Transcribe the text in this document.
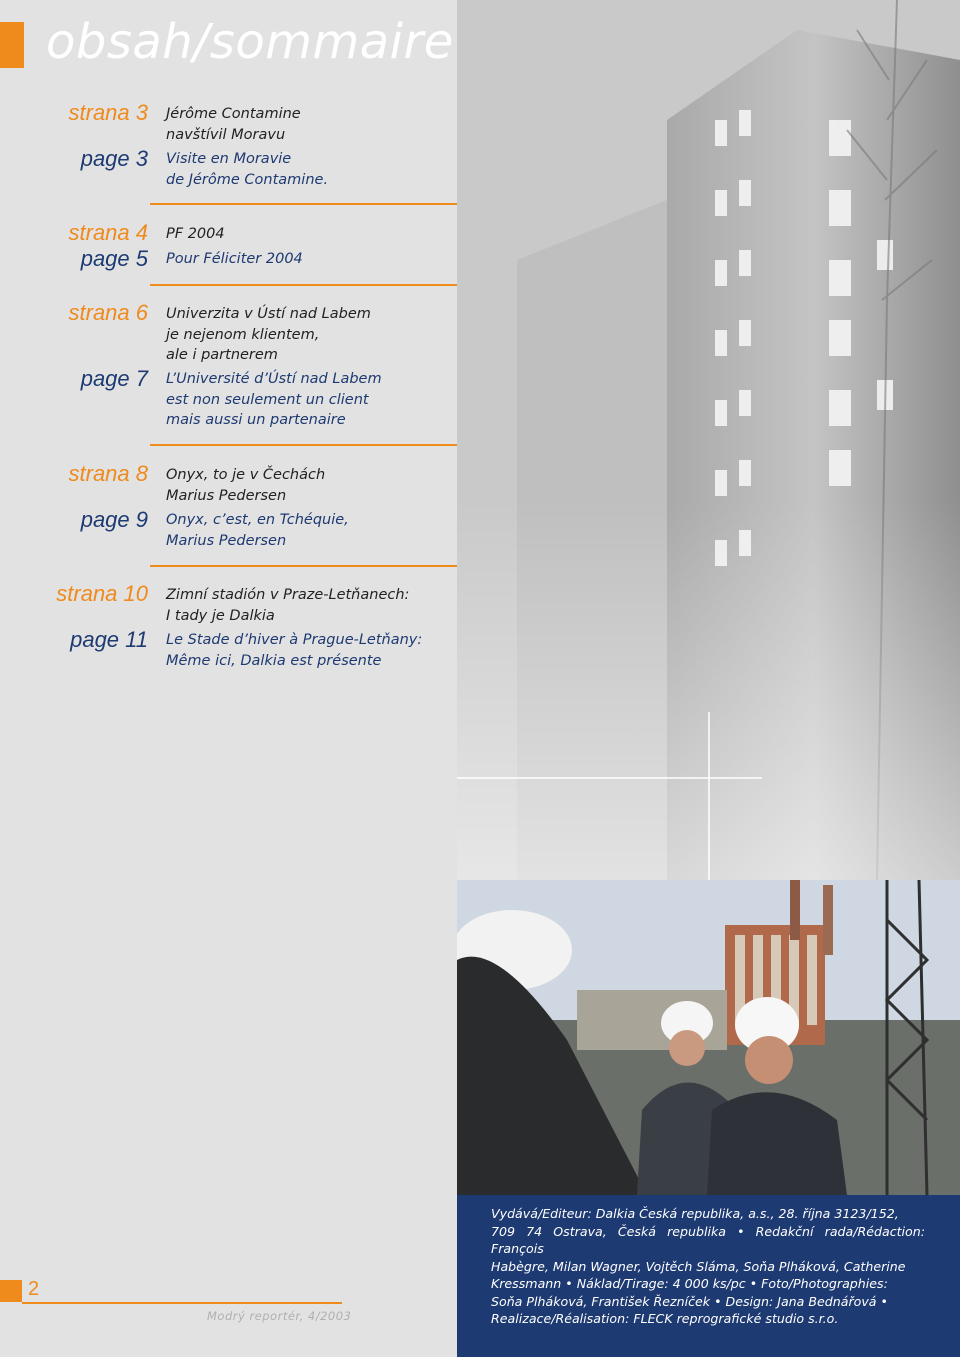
obsah/sommaire
strana 3 Jérôme Contamine
navštívil Moravu
page 3 Visite en Moravie
de Jérôme Contamine.
strana 4 PF 2004
page 5 Pour Féliciter 2004
strana 6 Univerzita v Ústí nad Labem
je nejenom klientem,
ale i partnerem
page 7 L’Université d’Ústí nad Labem
est non seulement un client
mais aussi un partenaire
strana 8 Onyx, to je v Čechách
Marius Pedersen
page 9 Onyx, c’est, en Tchéquie,
Marius Pedersen
strana 10 Zimní stadión v Praze-Letňanech:
I tady je Dalkia
page 11 Le Stade d’hiver à Prague-Letňany:
Même ici, Dalkia est présente
2
Modrý reportér, 4/2003
Vydává/Editeur: Dalkia Česká republika, a.s., 28. října 3123/152,
709 74 Ostrava, Česká republika • Redakční rada/Rédaction: François
Habègre, Milan Wagner, Vojtěch Sláma, Soňa Plháková, Catherine
Kressmann • Náklad/Tirage: 4 000 ks/pc • Foto/Photographies:
Soňa Plháková, František Řezníček • Design: Jana Bednářová •
Realizace/Réalisation: FLECK reprografické studio s.r.o.
